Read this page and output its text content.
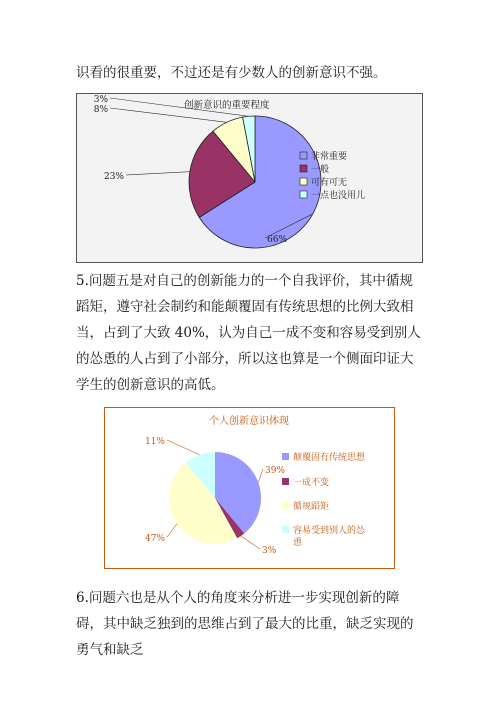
识看的很重要，不过还是有少数人的创新意识不强。

66%
23%
8%
3%	创新意识的重要程度
非常重要
一般
可有可无
一点也没用儿

5.问题五是对自己的创新能力的一个自我评价，其中循规蹈矩，遵守社会制约和能颠覆固有传统思想的比例大致相当，占到了大致 40%，认为自己一成不变和容易受到别人的怂恿的人占到了小部分，所以这也算是一个侧面印证大学生的创新意识的高低。

39%
3%
47%
11%
个人创新意识体现
颠覆固有传统思想
一成不变
循规蹈矩
容易受到别人的怂恿

6.问题六也是从个人的角度来分析进一步实现创新的障碍，其中缺乏独到的思维占到了最大的比重，缺乏实现的勇气和缺乏
